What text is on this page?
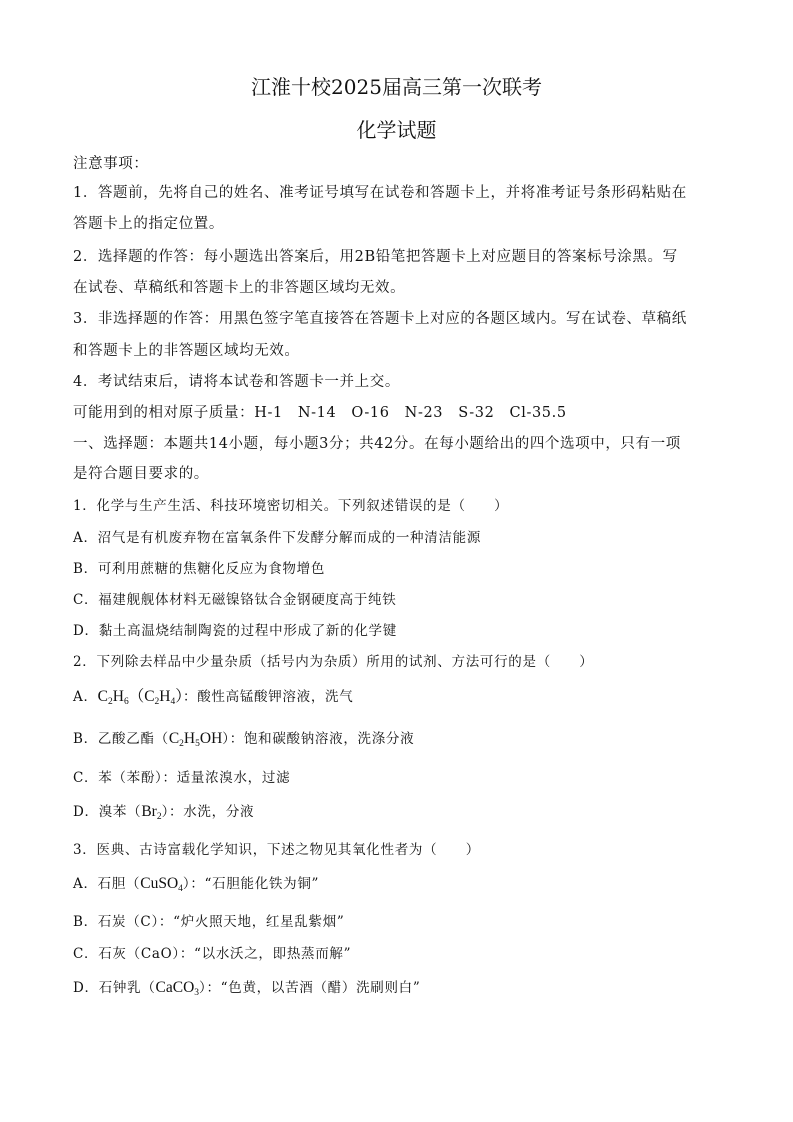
江淮十校2025届高三第一次联考
化学试题
注意事项：
1．答题前，先将自己的姓名、准考证号填写在试卷和答题卡上，并将准考证号条形码粘贴在
答题卡上的指定位置。
2．选择题的作答：每小题选出答案后，用2B铅笔把答题卡上对应题目的答案标号涂黑。写
在试卷、草稿纸和答题卡上的非答题区域均无效。
3．非选择题的作答：用黑色签字笔直接答在答题卡上对应的各题区域内。写在试卷、草稿纸
和答题卡上的非答题区域均无效。
4．考试结束后，请将本试卷和答题卡一并上交。
可能用到的相对原子质量：H-1　N-14　O-16　N-23　S-32　Cl-35.5
一、选择题：本题共14小题，每小题3分；共42分。在每小题给出的四个选项中，只有一项
是符合题目要求的。
1．化学与生产生活、科技环境密切相关。下列叙述错误的是（　　）
A．沼气是有机废弃物在富氧条件下发酵分解而成的一种清洁能源
B．可利用蔗糖的焦糖化反应为食物增色
C．福建舰舰体材料无磁镍铬钛合金钢硬度高于纯铁
D．黏土高温烧结制陶瓷的过程中形成了新的化学键
2．下列除去样品中少量杂质（括号内为杂质）所用的试剂、方法可行的是（　　）
A．$C_2H_6(C_2H_4)$：酸性高锰酸钾溶液，洗气
B．乙酸乙酯$(C_2H_5OH)$：饱和碳酸钠溶液，洗涤分液
C．苯（苯酚）：适量浓溴水，过滤
D．溴苯$(Br_2)$：水洗，分液
3．医典、古诗富载化学知识，下述之物见其氧化性者为（　　）
A．石胆（CuSO$_4$）：“石胆能化铁为铜”
B．石炭（C）：“炉火照天地，红星乱紫烟”
C．石灰（CaO）：“以水沃之，即热蒸而解”
D．石钟乳（CaCO$_3$）：“色黄，以苦酒（醋）洗刷则白”
